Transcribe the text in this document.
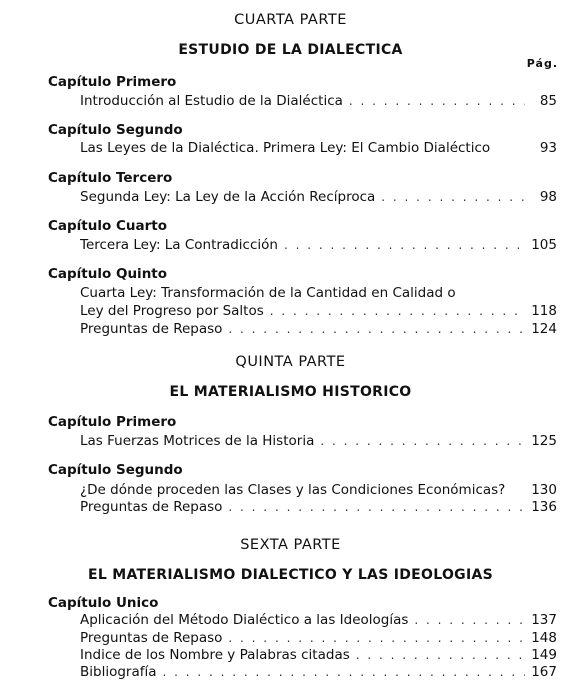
CUARTA PARTE
ESTUDIO DE LA DIALECTICA
Pág.
Capítulo Primero
Introducción al Estudio de la Dialéctica . . .	85
Capítulo Segundo
Las Leyes de la Dialéctica. Primera Ley: El Cambio Dialéctico	93
Capítulo Tercero
Segunda Ley: La Ley de la Acción Recíproca . . .	98
Capítulo Cuarto
Tercera Ley: La Contradicción . . .	105
Capítulo Quinto
Cuarta Ley: Transformación de la Cantidad en Calidad o
Ley del Progreso por Saltos . . .	118
Preguntas de Repaso . . .	124
QUINTA PARTE
EL MATERIALISMO HISTORICO
Capítulo Primero
Las Fuerzas Motrices de la Historia . . .	125
Capítulo Segundo
¿De dónde proceden las Clases y las Condiciones Económicas?	130
Preguntas de Repaso . . .	136
SEXTA PARTE
EL MATERIALISMO DIALECTICO Y LAS IDEOLOGIAS
Capítulo Unico
Aplicación del Método Dialéctico a las Ideologías . . .	137
Preguntas de Repaso . . .	148
Indice de los Nombre y Palabras citadas . . .	149
Bibliografía . . .	167
